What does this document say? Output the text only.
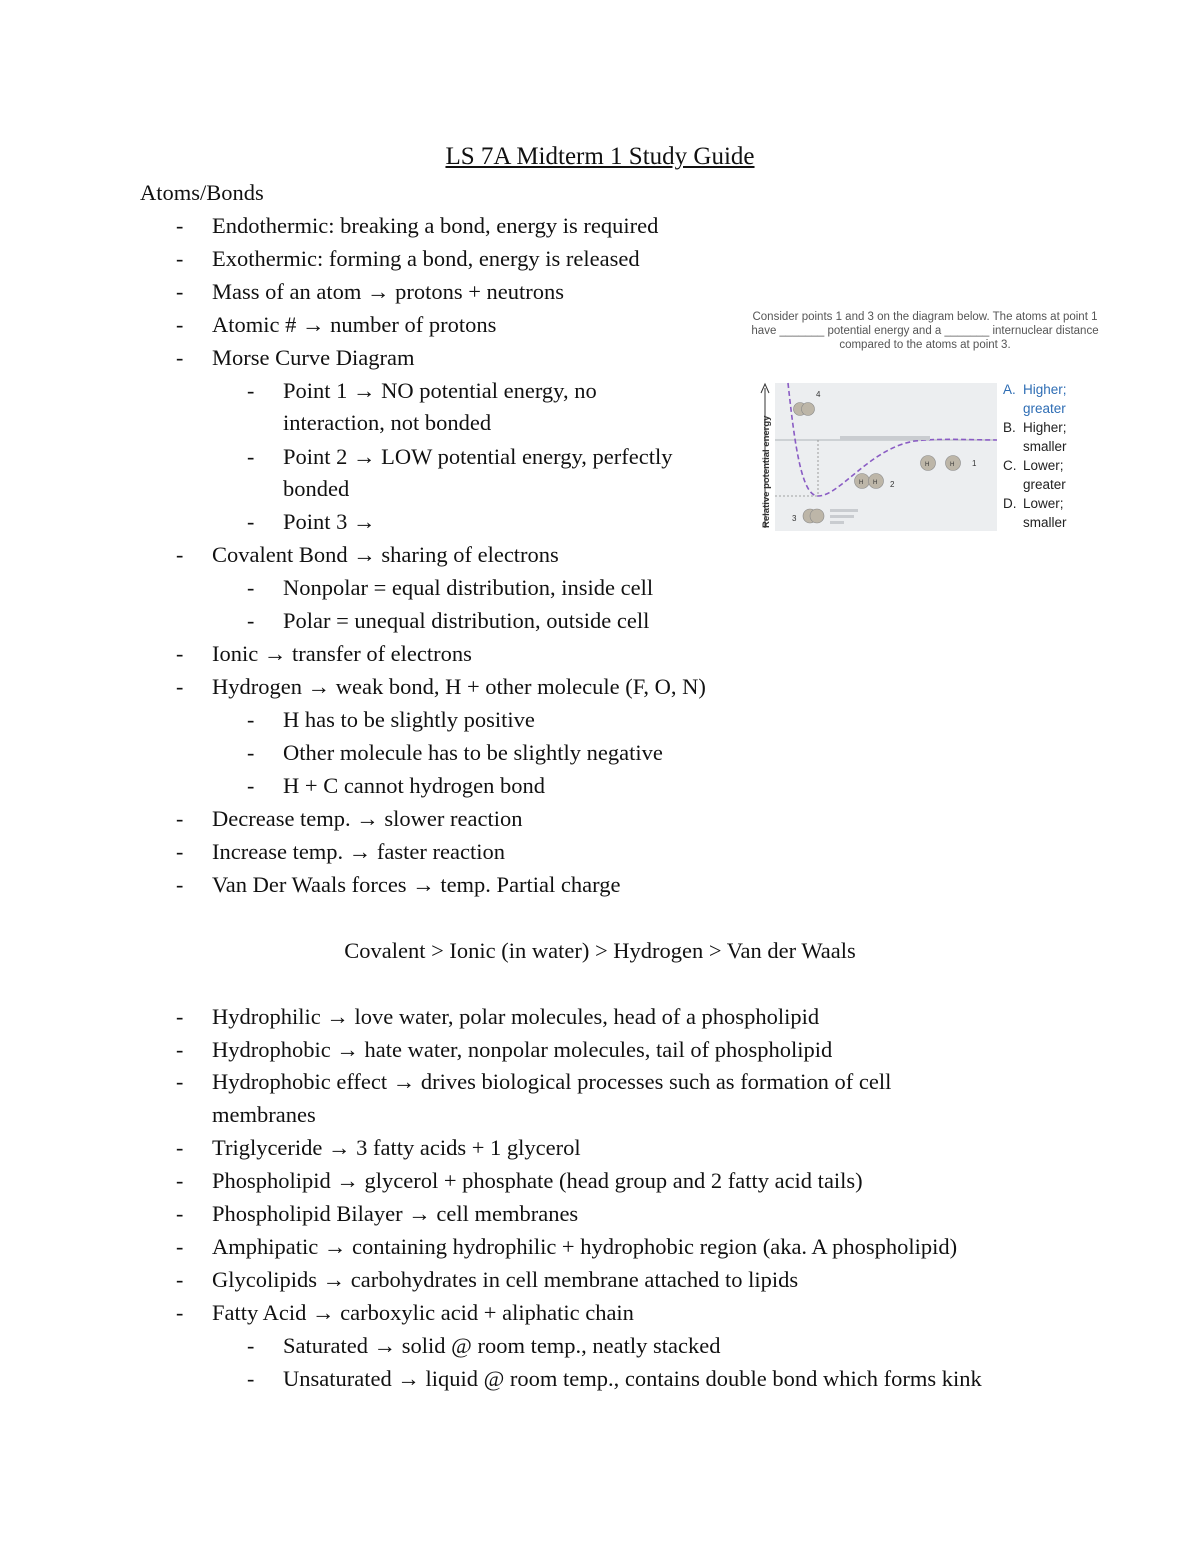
LS 7A Midterm 1 Study Guide
Atoms/Bonds
- Endothermic: breaking a bond, energy is required
- Exothermic: forming a bond, energy is released
- Mass of an atom → protons + neutrons
- Atomic # → number of protons
- Morse Curve Diagram
- Point 1 → NO potential energy, no
interaction, not bonded
- Point 2 → LOW potential energy, perfectly
bonded
- Point 3 →
- Covalent Bond → sharing of electrons
- Nonpolar = equal distribution, inside cell
- Polar = unequal distribution, outside cell
- Ionic → transfer of electrons
- Hydrogen → weak bond, H + other molecule (F, O, N)
- H has to be slightly positive
- Other molecule has to be slightly negative
- H + C cannot hydrogen bond
- Decrease temp. → slower reaction
- Increase temp. → faster reaction
- Van Der Waals forces → temp. Partial charge
Covalent > Ionic (in water) > Hydrogen > Van der Waals
- Hydrophilic → love water, polar molecules, head of a phospholipid
- Hydrophobic → hate water, nonpolar molecules, tail of phospholipid
- Hydrophobic effect → drives biological processes such as formation of cell
membranes
- Triglyceride → 3 fatty acids + 1 glycerol
- Phospholipid → glycerol + phosphate (head group and 2 fatty acid tails)
- Phospholipid Bilayer → cell membranes
- Amphipatic → containing hydrophilic + hydrophobic region (aka. A phospholipid)
- Glycolipids → carbohydrates in cell membrane attached to lipids
- Fatty Acid → carboxylic acid + aliphatic chain
- Saturated → solid @ room temp., neatly stacked
- Unsaturated → liquid @ room temp., contains double bond which forms kink
Consider points 1 and 3 on the diagram below. The atoms at point 1
have _______ potential energy and a _______ internuclear distance
compared to the atoms at point 3.
Relative potential energy
4
H	H 1
H H 2
3
A. Higher;
greater
B. Higher;
smaller
C. Lower;
greater
D. Lower;
smaller
